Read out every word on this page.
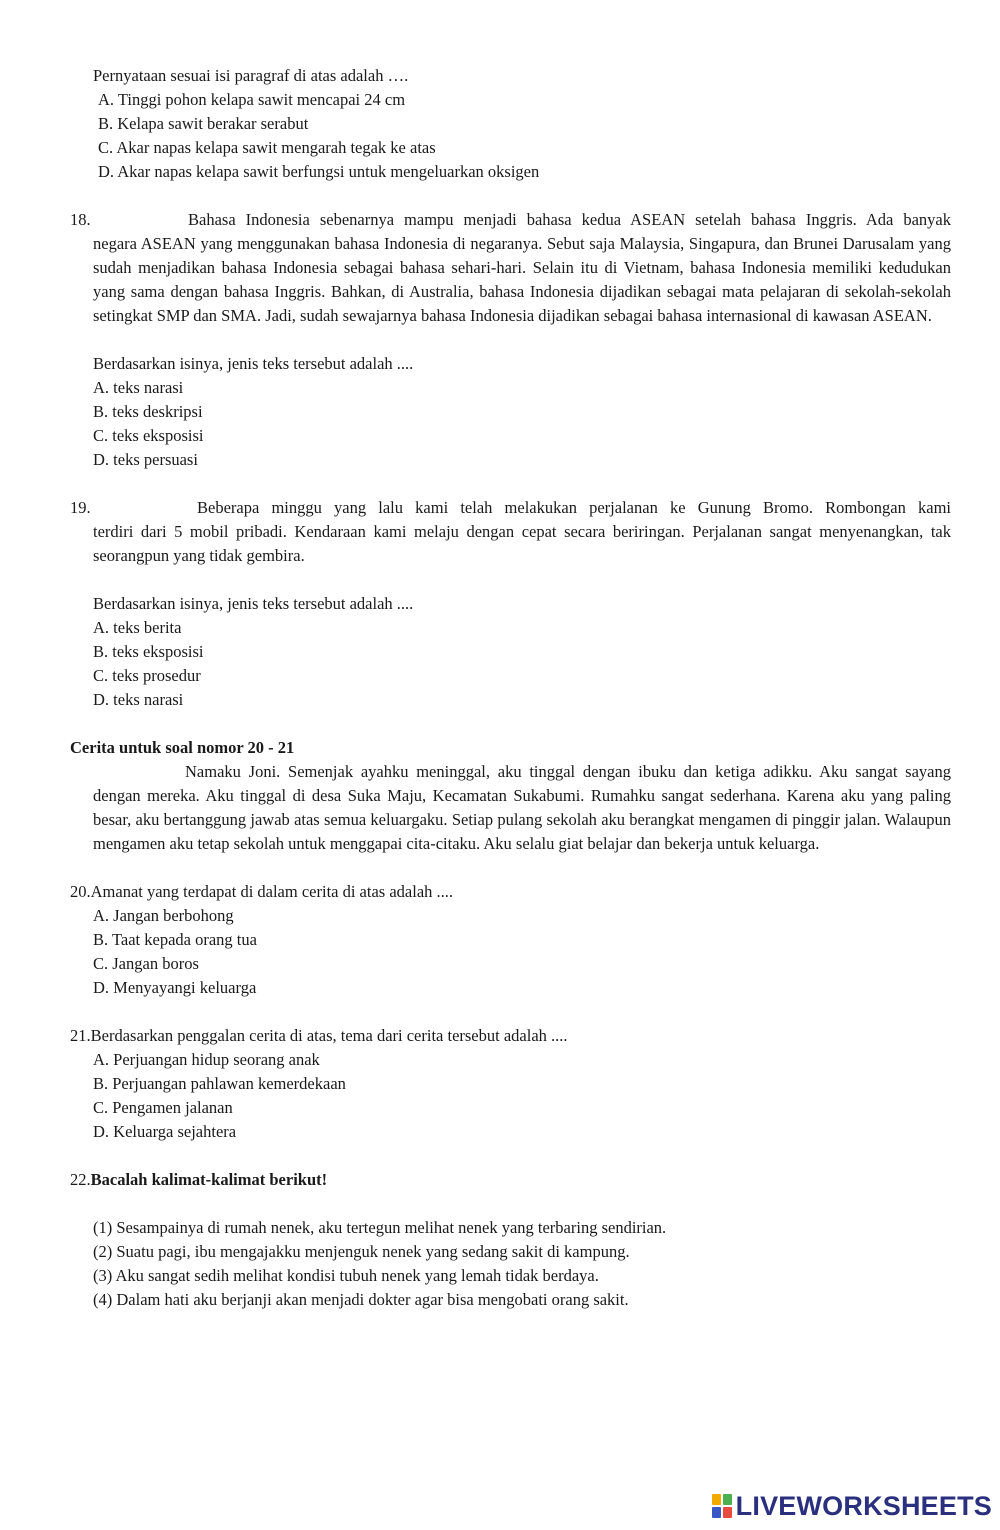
Pernyataan sesuai isi paragraf di atas adalah ….
A. Tinggi pohon kelapa sawit mencapai 24 cm
B. Kelapa sawit berakar serabut
C. Akar napas kelapa sawit mengarah tegak ke atas
D. Akar napas kelapa sawit berfungsi untuk mengeluarkan oksigen
18.	Bahasa Indonesia sebenarnya mampu menjadi bahasa kedua ASEAN setelah bahasa Inggris. Ada banyak
negara ASEAN yang menggunakan bahasa Indonesia di negaranya. Sebut saja Malaysia, Singapura, dan Brunei Darusalam yang sudah menjadikan bahasa Indonesia sebagai bahasa sehari-hari. Selain itu di Vietnam, bahasa Indonesia memiliki kedudukan yang sama dengan bahasa Inggris. Bahkan, di Australia, bahasa Indonesia dijadikan sebagai mata pelajaran di sekolah-sekolah setingkat SMP dan SMA. Jadi, sudah sewajarnya bahasa Indonesia dijadikan sebagai bahasa internasional di kawasan ASEAN.
Berdasarkan isinya, jenis teks tersebut adalah ....
A. teks narasi
B. teks deskripsi
C. teks eksposisi
D. teks persuasi
19.	Beberapa minggu yang lalu kami telah melakukan perjalanan ke Gunung Bromo. Rombongan kami
terdiri dari 5 mobil pribadi. Kendaraan kami melaju dengan cepat secara beriringan. Perjalanan sangat menyenangkan, tak seorangpun yang tidak gembira.
Berdasarkan isinya, jenis teks tersebut adalah ....
A. teks berita
B. teks eksposisi
C. teks prosedur
D. teks narasi
Cerita untuk soal nomor 20 - 21
Namaku Joni. Semenjak ayahku meninggal, aku tinggal dengan ibuku dan ketiga adikku. Aku sangat sayang dengan mereka. Aku tinggal di desa Suka Maju, Kecamatan Sukabumi. Rumahku sangat sederhana. Karena aku yang paling besar, aku bertanggung jawab atas semua keluargaku. Setiap pulang sekolah aku berangkat mengamen di pinggir jalan. Walaupun mengamen aku tetap sekolah untuk menggapai cita-citaku. Aku selalu giat belajar dan bekerja untuk keluarga.
20.Amanat yang terdapat di dalam cerita di atas adalah ....
A. Jangan berbohong
B. Taat kepada orang tua
C. Jangan boros
D. Menyayangi keluarga
21.Berdasarkan penggalan cerita di atas, tema dari cerita tersebut adalah ....
A. Perjuangan hidup seorang anak
B. Perjuangan pahlawan kemerdekaan
C. Pengamen jalanan
D. Keluarga sejahtera
22.Bacalah kalimat-kalimat berikut!
(1) Sesampainya di rumah nenek, aku tertegun melihat nenek yang terbaring sendirian.
(2) Suatu pagi, ibu mengajakku menjenguk nenek yang sedang sakit di kampung.
(3) Aku sangat sedih melihat kondisi tubuh nenek yang lemah tidak berdaya.
(4) Dalam hati aku berjanji akan menjadi dokter agar bisa mengobati orang sakit.
LIVEWORKSHEETS
